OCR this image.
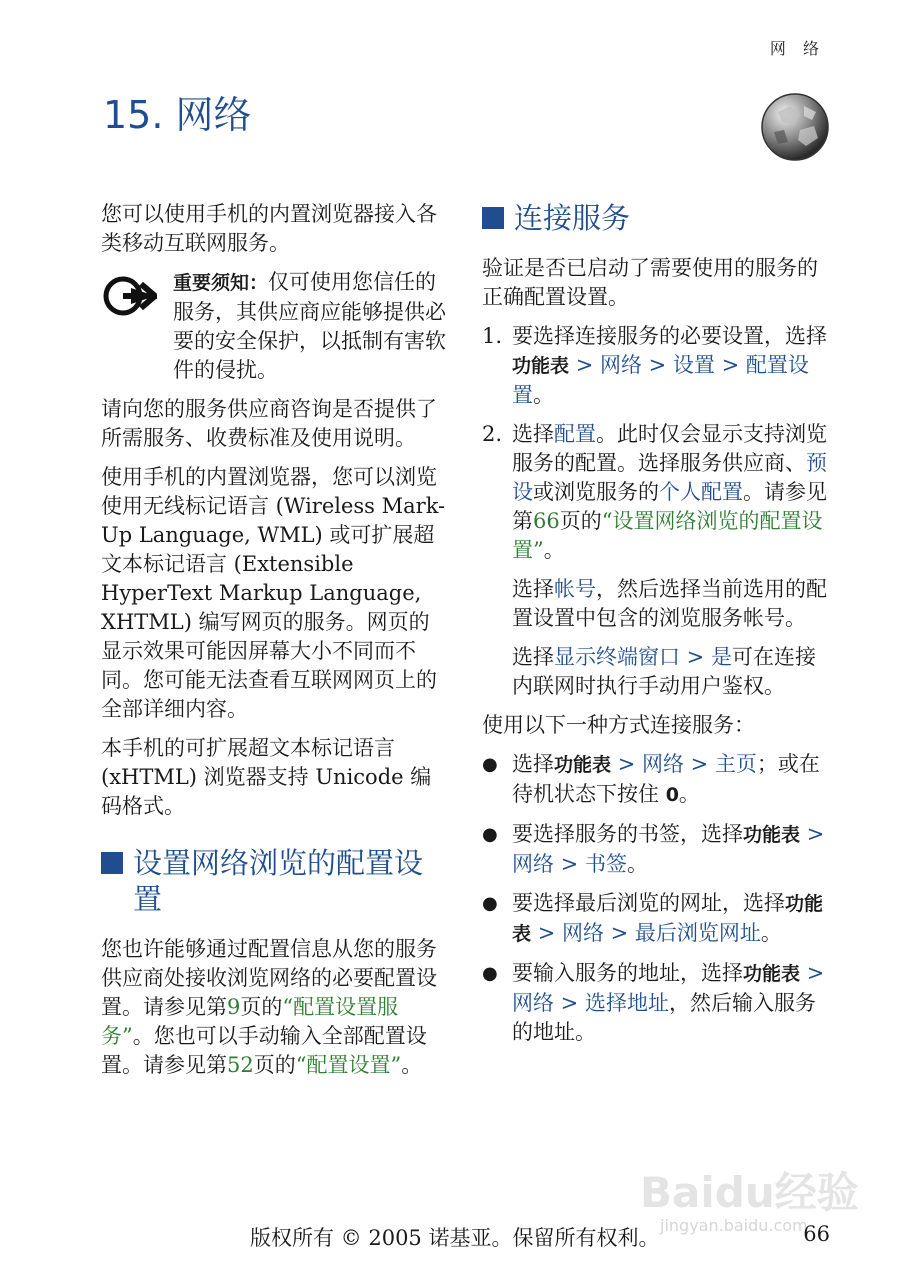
网 络
15. 网络

您可以使用手机的内置浏览器接入各类移动互联网服务。

重要须知：仅可使用您信任的服务，其供应商应能够提供必要的安全保护，以抵制有害软件的侵扰。

请向您的服务供应商咨询是否提供了所需服务、收费标准及使用说明。

使用手机的内置浏览器，您可以浏览使用无线标记语言 (Wireless Mark-Up Language, WML) 或可扩展超文本标记语言 (Extensible HyperText Markup Language, XHTML) 编写网页的服务。网页的显示效果可能因屏幕大小不同而不同。您可能无法查看互联网网页上的全部详细内容。

本手机的可扩展超文本标记语言 (xHTML) 浏览器支持 Unicode 编码格式。

设置网络浏览的配置设置

您也许能够通过配置信息从您的服务供应商处接收浏览网络的必要配置设置。请参见第9页的“配置设置服务”。您也可以手动输入全部配置设置。请参见第52页的“配置设置”。

连接服务

验证是否已启动了需要使用的服务的正确配置设置。

1. 要选择连接服务的必要设置，选择功能表 > 网络 > 设置 > 配置设置。
2. 选择配置。此时仅会显示支持浏览服务的配置。选择服务供应商、预设或浏览服务的个人配置。请参见第66页的“设置网络浏览的配置设置”。

选择帐号，然后选择当前选用的配置设置中包含的浏览服务帐号。

选择显示终端窗口 > 是可在连接内联网时执行手动用户鉴权。

使用以下一种方式连接服务：

● 选择功能表 > 网络 > 主页；或在待机状态下按住 0。
● 要选择服务的书签，选择功能表 > 网络 > 书签。
● 要选择最后浏览的网址，选择功能表 > 网络 > 最后浏览网址。
● 要输入服务的地址，选择功能表 > 网络 > 选择地址，然后输入服务的地址。
Baidu经验
jingyan.baidu.com
版权所有 © 2005 诺基亚。保留所有权利。	66
